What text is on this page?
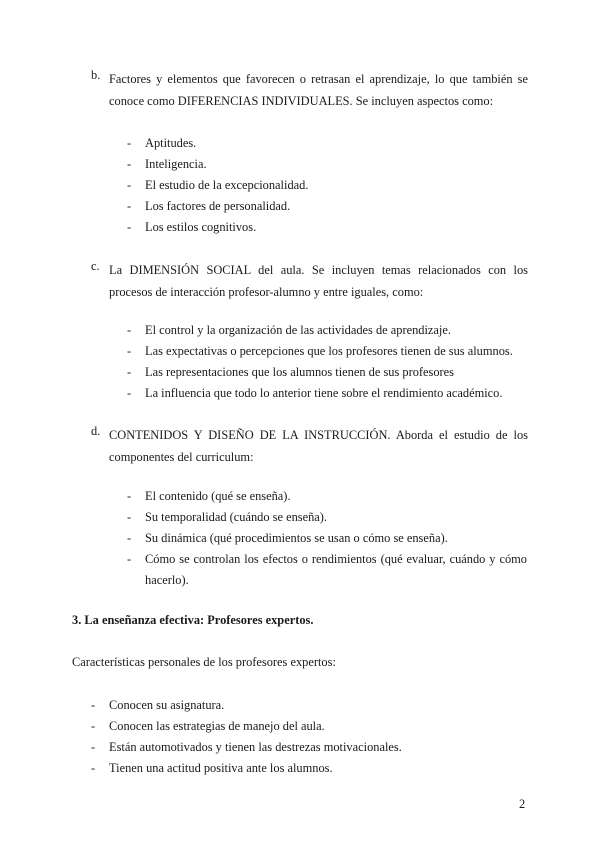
b. Factores y elementos que favorecen o retrasan el aprendizaje, lo que también se conoce como DIFERENCIAS INDIVIDUALES. Se incluyen aspectos como:
- Aptitudes.
- Inteligencia.
- El estudio de la excepcionalidad.
- Los factores de personalidad.
- Los estilos cognitivos.
c. La DIMENSIÓN SOCIAL del aula. Se incluyen temas relacionados con los procesos de interacción profesor-alumno y entre iguales, como:
- El control y la organización de las actividades de aprendizaje.
- Las expectativas o percepciones que los profesores tienen de sus alumnos.
- Las representaciones que los alumnos tienen de sus profesores
- La influencia que todo lo anterior tiene sobre el rendimiento académico.
d. CONTENIDOS Y DISEÑO DE LA INSTRUCCIÓN. Aborda el estudio de los componentes del curriculum:
- El contenido (qué se enseña).
- Su temporalidad (cuándo se enseña).
- Su dinámica (qué procedimientos se usan o cómo se enseña).
- Cómo se controlan los efectos o rendimientos (qué evaluar, cuándo y cómo hacerlo).
3. La enseñanza efectiva: Profesores expertos.
Características personales de los profesores expertos:
- Conocen su asignatura.
- Conocen las estrategias de manejo del aula.
- Están automotivados y tienen las destrezas motivacionales.
- Tienen una actitud positiva ante los alumnos.
2
